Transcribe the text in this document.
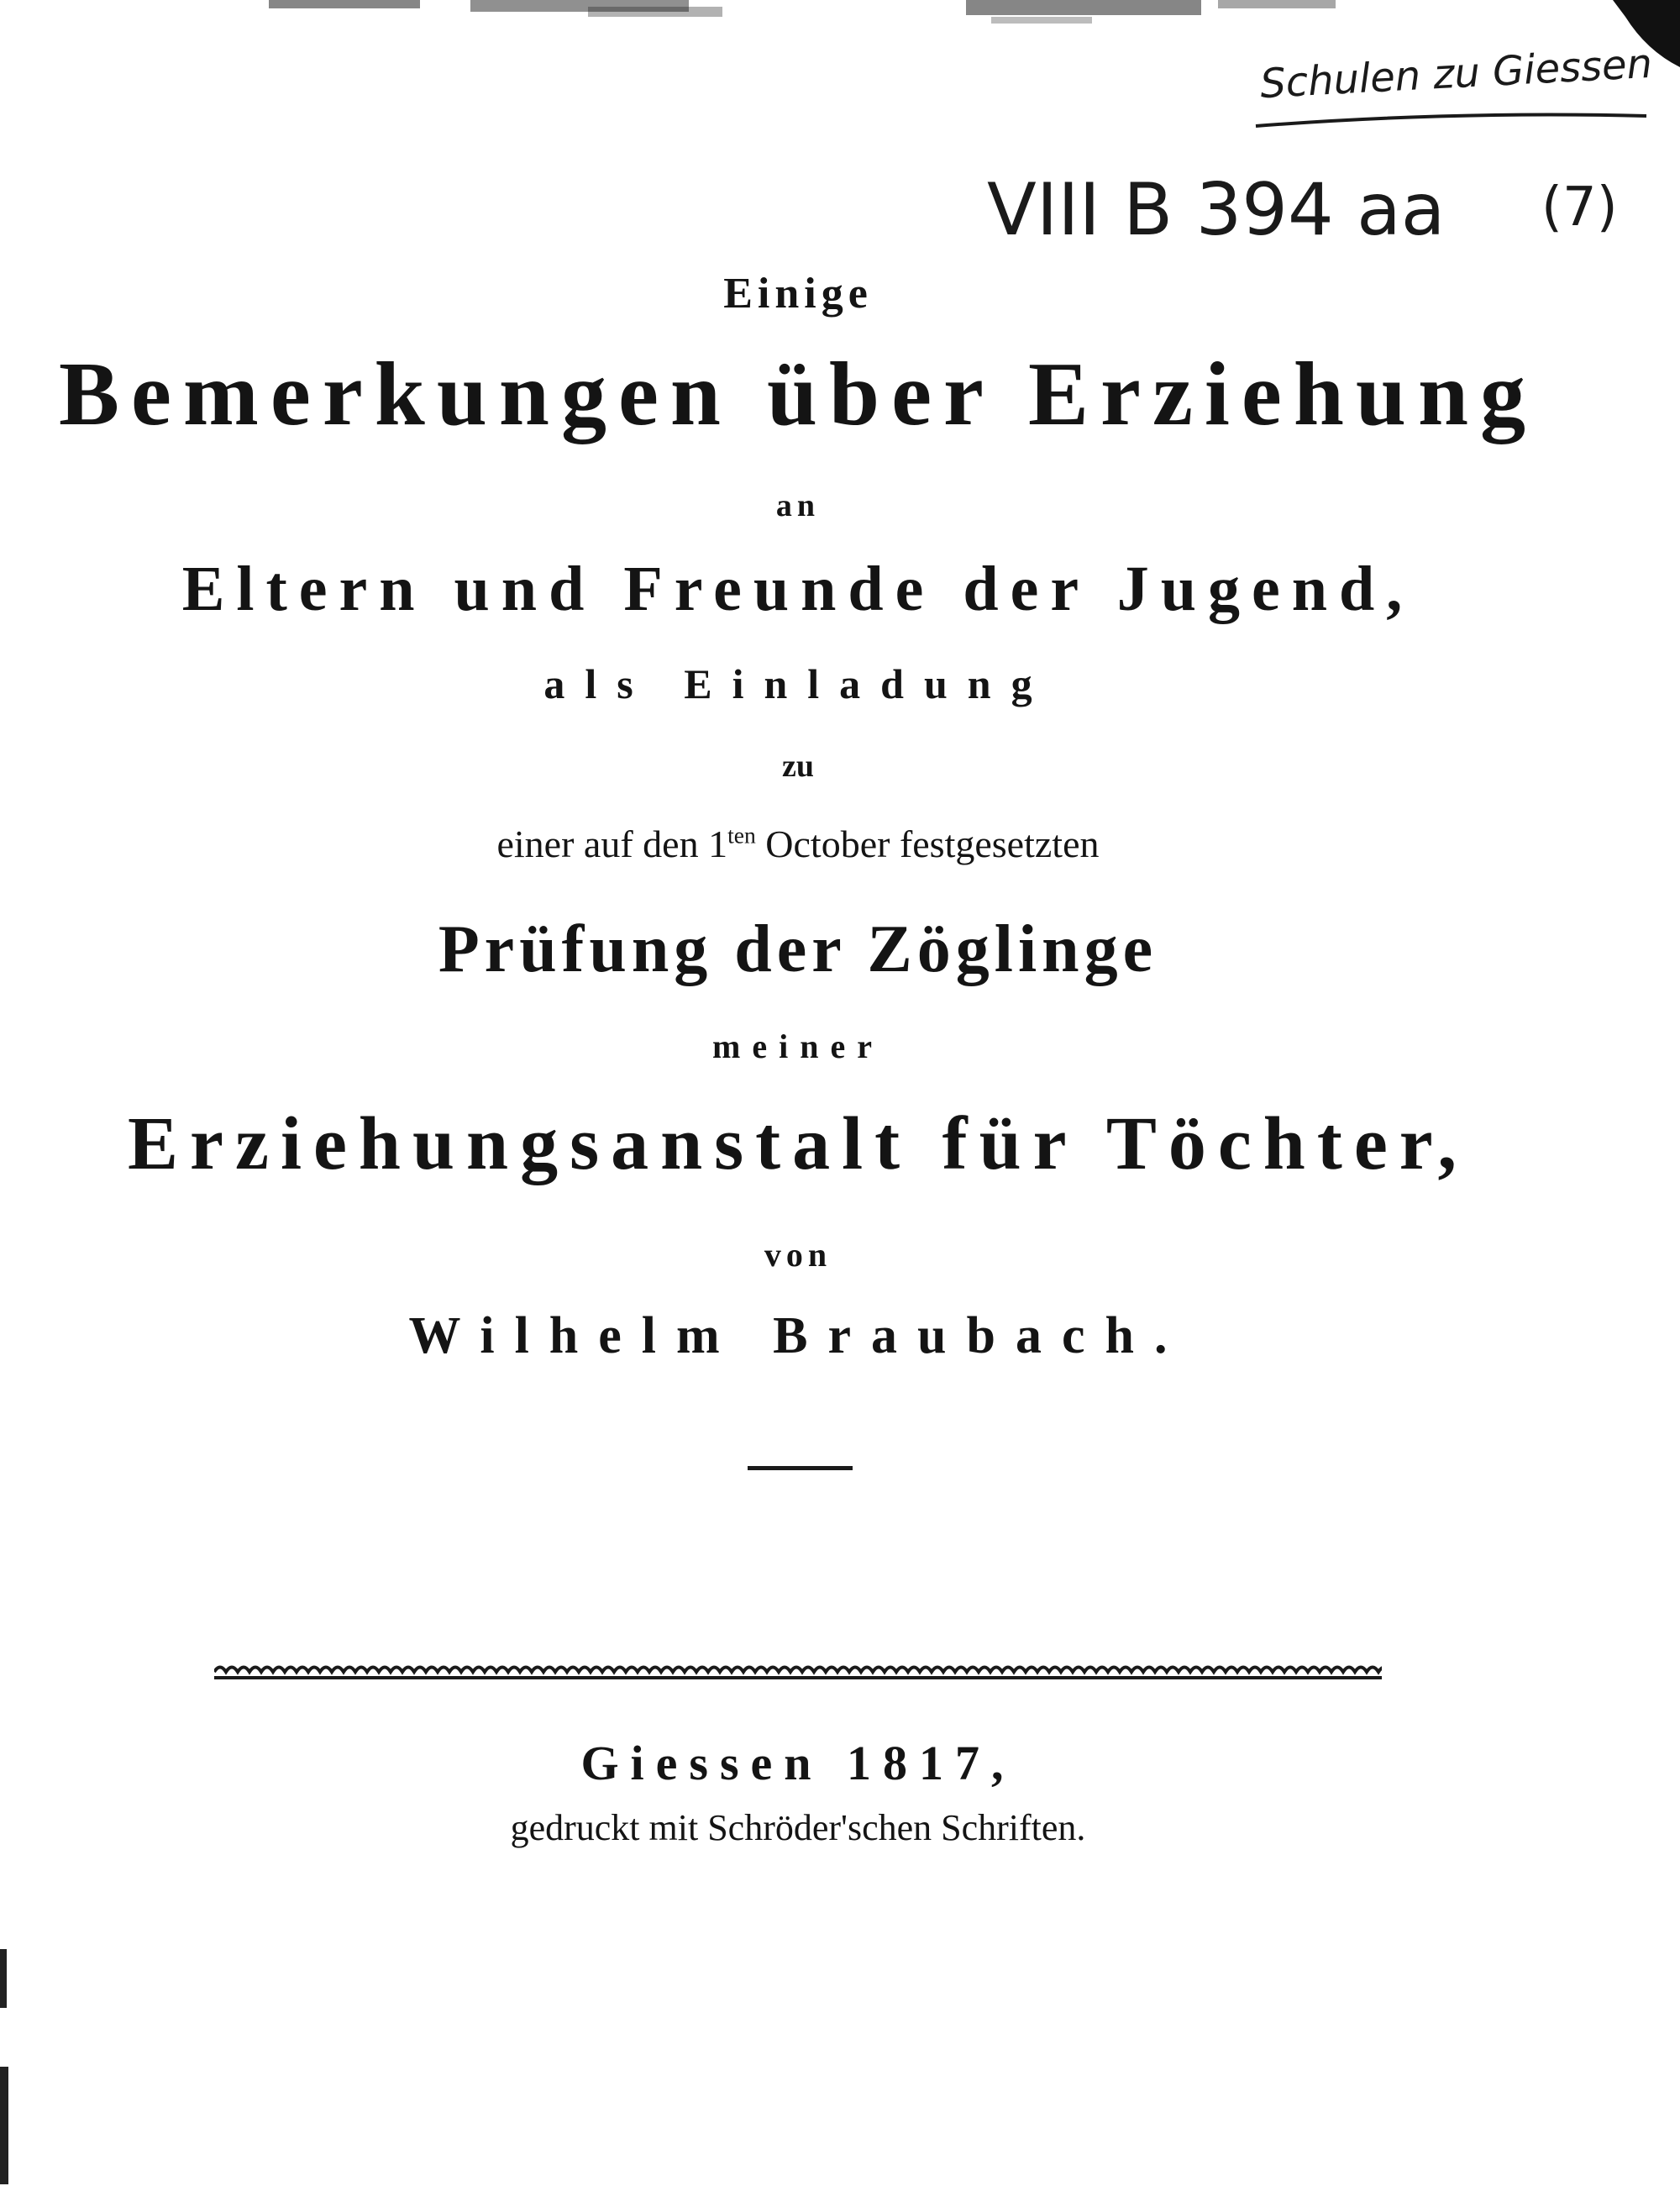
Schulen zu Giessen
VIII B 394 aa (7)
Einige
Bemerkungen über Erziehung
an
Eltern und Freunde der Jugend,
als Einladung
zu
einer auf den $1^{ten}$ October festgesetzten
Prüfung der Zöglinge
meiner
Erziehungsanstalt für Töchter,
von
Wilhelm Braubach.
Giessen 1817,
gedruckt mit Schröder'schen Schriften.
